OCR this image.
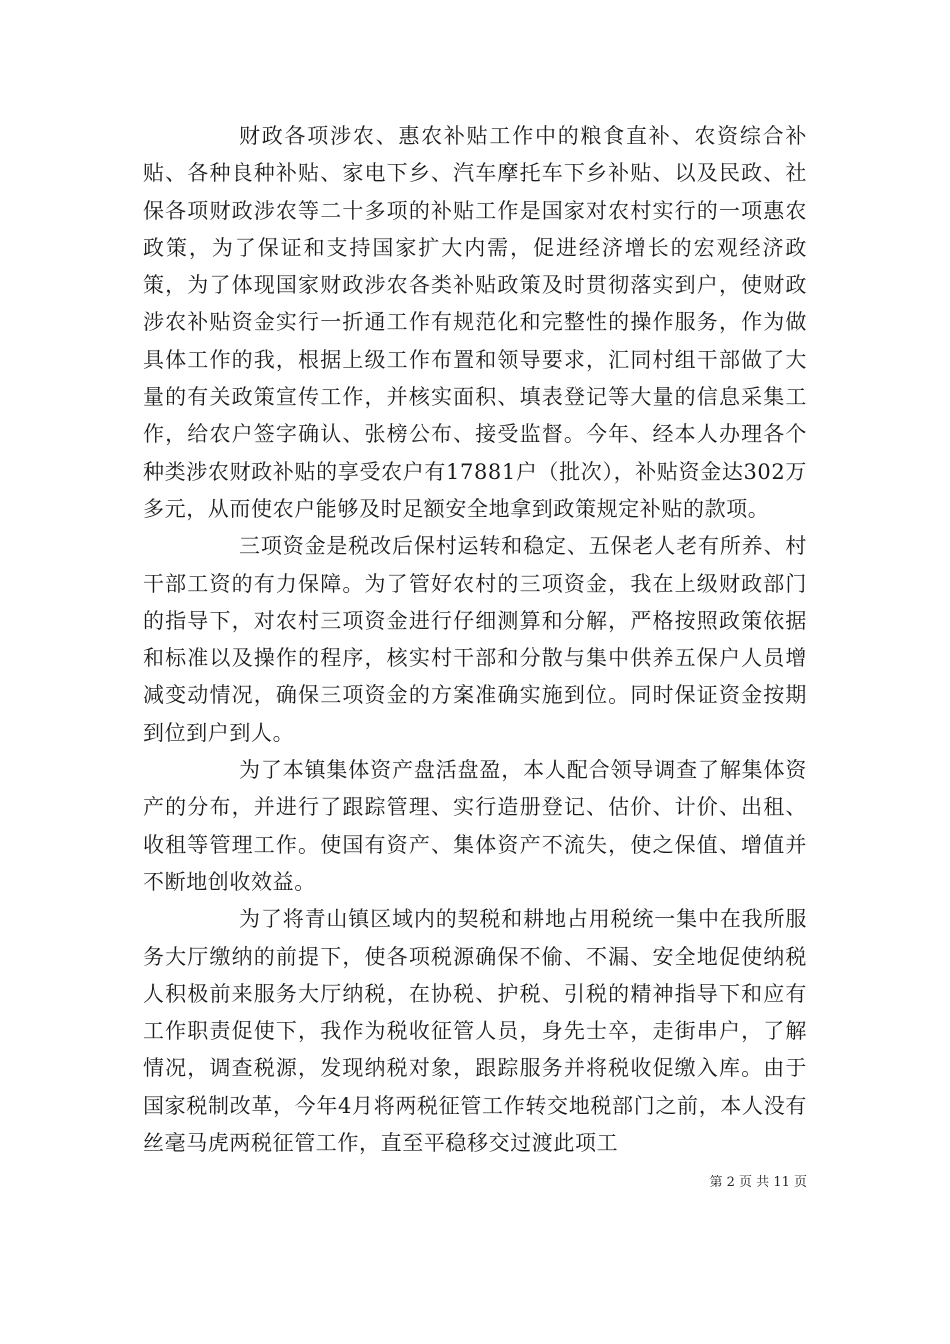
财政各项涉农、惠农补贴工作中的粮食直补、农资综合补贴、各种良种补贴、家电下乡、汽车摩托车下乡补贴、以及民政、社保各项财政涉农等二十多项的补贴工作是国家对农村实行的一项惠农政策，为了保证和支持国家扩大内需，促进经济增长的宏观经济政策，为了体现国家财政涉农各类补贴政策及时贯彻落实到户，使财政涉农补贴资金实行一折通工作有规范化和完整性的操作服务，作为做具体工作的我，根据上级工作布置和领导要求，汇同村组干部做了大量的有关政策宣传工作，并核实面积、填表登记等大量的信息采集工作，给农户签字确认、张榜公布、接受监督。今年、经本人办理各个种类涉农财政补贴的享受农户有17881户（批次），补贴资金达302万多元，从而使农户能够及时足额安全地拿到政策规定补贴的款项。

三项资金是税改后保村运转和稳定、五保老人老有所养、村干部工资的有力保障。为了管好农村的三项资金，我在上级财政部门的指导下，对农村三项资金进行仔细测算和分解，严格按照政策依据和标准以及操作的程序，核实村干部和分散与集中供养五保户人员增减变动情况，确保三项资金的方案准确实施到位。同时保证资金按期到位到户到人。

为了本镇集体资产盘活盘盈，本人配合领导调查了解集体资产的分布，并进行了跟踪管理、实行造册登记、估价、计价、出租、收租等管理工作。使国有资产、集体资产不流失，使之保值、增值并不断地创收效益。

为了将青山镇区域内的契税和耕地占用税统一集中在我所服务大厅缴纳的前提下，使各项税源确保不偷、不漏、安全地促使纳税人积极前来服务大厅纳税，在协税、护税、引税的精神指导下和应有工作职责促使下，我作为税收征管人员，身先士卒，走街串户，了解情况，调查税源，发现纳税对象，跟踪服务并将税收促缴入库。由于国家税制改革，今年4月将两税征管工作转交地税部门之前，本人没有丝毫马虎两税征管工作，直至平稳移交过渡此项工

第 2 页 共 11 页
